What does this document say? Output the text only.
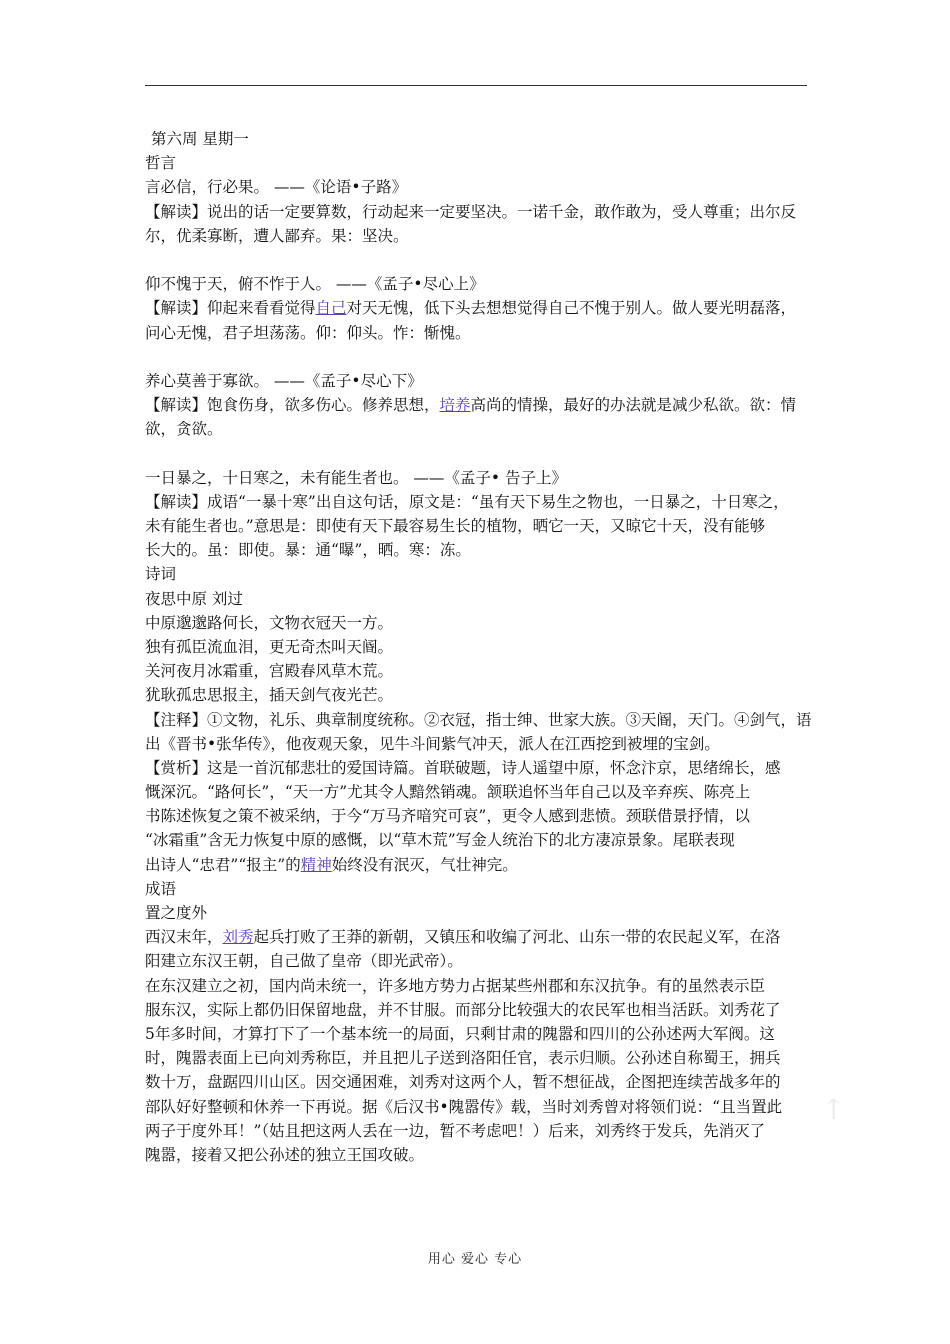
第六周 星期一
哲言
言必信，行必果。 ——《论语•子路》
【解读】说出的话一定要算数，行动起来一定要坚决。一诺千金，敢作敢为，受人尊重；出尔反
尔，优柔寡断，遭人鄙弃。果：坚决。
仰不愧于天，俯不怍于人。 ——《孟子•尽心上》
【解读】仰起来看看觉得自己对天无愧，低下头去想想觉得自己不愧于别人。做人要光明磊落，
问心无愧，君子坦荡荡。仰：仰头。怍：惭愧。
养心莫善于寡欲。 ——《孟子•尽心下》
【解读】饱食伤身，欲多伤心。修养思想，培养高尚的情操，最好的办法就是减少私欲。欲：情
欲，贪欲。
一日暴之，十日寒之，未有能生者也。 ——《孟子• 告子上》
【解读】成语“一暴十寒”出自这句话，原文是：“虽有天下易生之物也，一日暴之，十日寒之，
未有能生者也。”意思是：即使有天下最容易生长的植物，晒它一天，又晾它十天，没有能够
长大的。虽：即使。暴：通“曝”，晒。寒：冻。
诗词
夜思中原 刘过
中原邈邈路何长，文物衣冠天一方。
独有孤臣流血泪，更无奇杰叫天阍。
关河夜月冰霜重，宫殿春风草木荒。
犹耿孤忠思报主，插天剑气夜光芒。
【注释】①文物，礼乐、典章制度统称。②衣冠，指士绅、世家大族。③天阍，天门。④剑气，语
出《晋书•张华传》，他夜观天象，见牛斗间紫气冲天，派人在江西挖到被埋的宝剑。
【赏析】这是一首沉郁悲壮的爱国诗篇。首联破题，诗人遥望中原，怀念汴京，思绪绵长，感
慨深沉。“路何长”，“天一方”尤其令人黯然销魂。颔联追怀当年自己以及辛弃疾、陈亮上
书陈述恢复之策不被采纳，于今“万马齐喑究可哀”，更令人感到悲愤。颈联借景抒情，以
“冰霜重”含无力恢复中原的感慨，以“草木荒”写金人统治下的北方凄凉景象。尾联表现
出诗人“忠君”“报主”的精神始终没有泯灭，气壮神完。
成语
置之度外
西汉末年，刘秀起兵打败了王莽的新朝，又镇压和收编了河北、山东一带的农民起义军，在洛
阳建立东汉王朝，自己做了皇帝（即光武帝）。
在东汉建立之初，国内尚未统一，许多地方势力占据某些州郡和东汉抗争。有的虽然表示臣
服东汉，实际上都仍旧保留地盘，并不甘服。而部分比较强大的农民军也相当活跃。刘秀花了
5年多时间，才算打下了一个基本统一的局面，只剩甘肃的隗嚣和四川的公孙述两大军阀。这
时，隗嚣表面上已向刘秀称臣，并且把儿子送到洛阳任官，表示归顺。公孙述自称蜀王，拥兵
数十万，盘踞四川山区。因交通困难，刘秀对这两个人，暂不想征战，企图把连续苦战多年的
部队好好整顿和休养一下再说。据《后汉书•隗嚣传》载，当时刘秀曾对将领们说：“且当置此
两子于度外耳！”（姑且把这两人丢在一边，暂不考虑吧！）后来，刘秀终于发兵，先消灭了
隗嚣，接着又把公孙述的独立王国攻破。
↑
用心 爱心 专心
